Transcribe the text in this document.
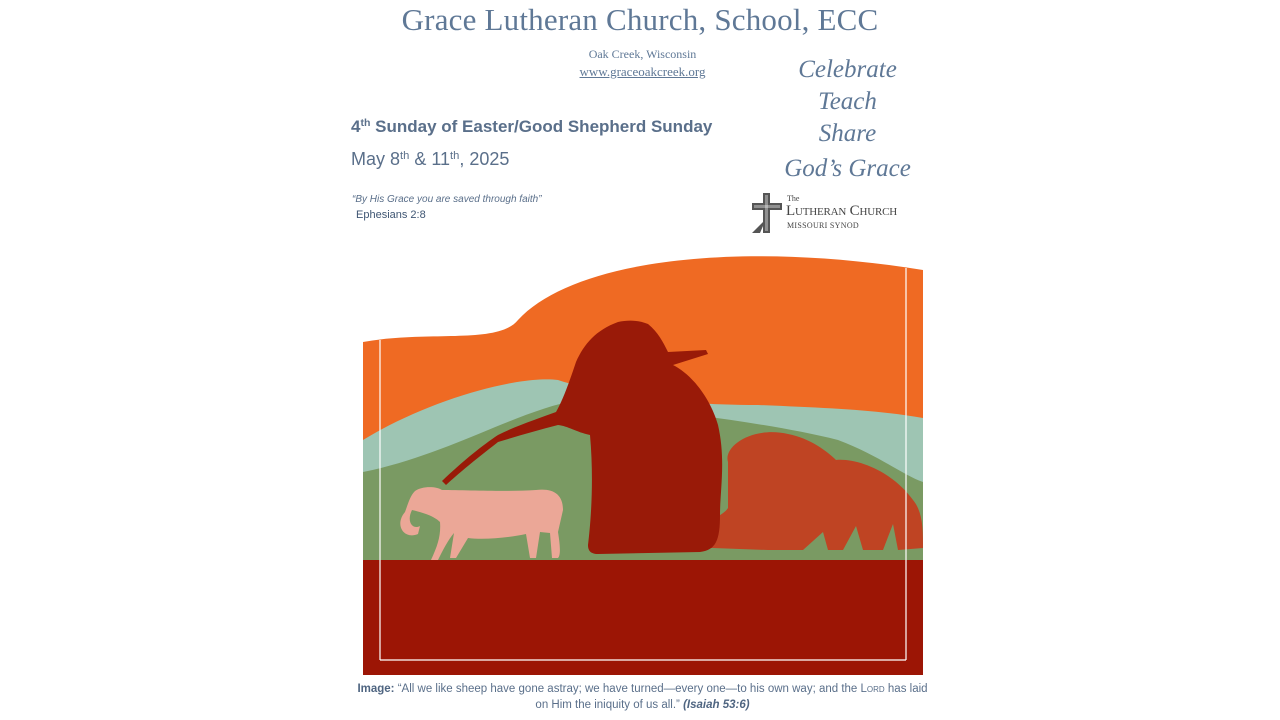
Grace Lutheran Church, School, ECC
Oak Creek, Wisconsin
www.graceoakcreek.org	Celebrate
Teach
Share
God’s Grace
4th Sunday of Easter/Good Shepherd Sunday
May 8th & 11th, 2025
“By His Grace you are saved through faith”
Ephesians 2:8
The
Lutheran Church
MISSOURI SYNOD
Image: “All we like sheep have gone astray; we have turned—every one—to his own way; and the Lord has laid on Him the iniquity of us all.” (Isaiah 53:6)
